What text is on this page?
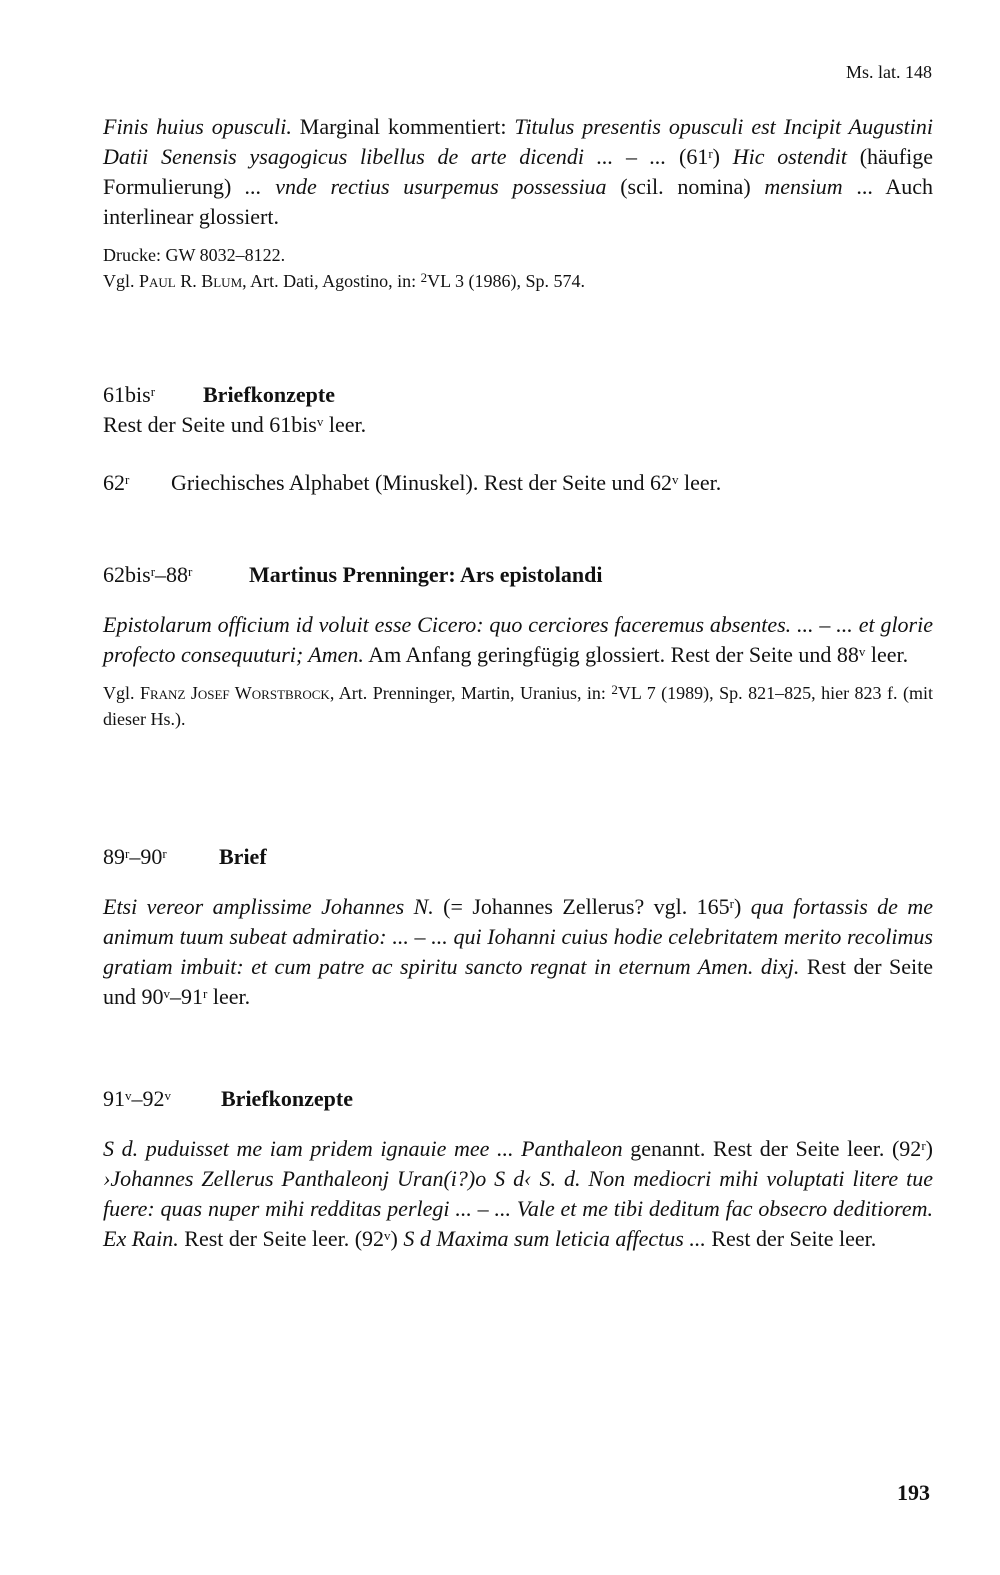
Ms. lat. 148

Finis huius opusculi. Marginal kommentiert: Titulus presentis opusculi est Incipit Augustini Datii Senensis ysagogicus libellus de arte dicendi ... – ... (61$^r$) Hic ostendit (häufige Formulierung) ... vnde rectius usurpemus possessiua (scil. nomina) mensium ... Auch interlinear glossiert.

Drucke: GW 8032–8122.

Vgl. Paul R. Blum, Art. Dati, Agostino, in: $^2$VL 3 (1986), Sp. 574.

61bis$^r$ Briefkonzepte

Rest der Seite und 61bis$^v$ leer.

62$^r$ Griechisches Alphabet (Minuskel). Rest der Seite und 62$^v$ leer.
62bis$^r$–88$^r$	Martinus Prenninger: Ars epistolandi

Epistolarum officium id voluit esse Cicero: quo cerciores faceremus absentes. ... – ... et glorie profecto consequuturi; Amen. Am Anfang geringfügig glossiert. Rest der Seite und 88$^v$ leer.

Vgl. Franz Josef Worstbrock, Art. Prenninger, Martin, Uranius, in: $^2$VL 7 (1989), Sp. 821–825, hier 823 f. (mit dieser Hs.).

89$^r$–90$^r$ Brief

Etsi vereor amplissime Johannes N. (= Johannes Zellerus? vgl. 165$^r$) qua fortassis de me animum tuum subeat admiratio: ... – ... qui Iohanni cuius hodie celebritatem merito recolimus gratiam imbuit: et cum patre ac spiritu sancto regnat in eternum Amen. dixj. Rest der Seite und 90$^v$–91$^r$ leer.

91$^v$–92$^v$ Briefkonzepte

S d. puduisset me iam pridem ignauie mee ... Panthaleon genannt. Rest der Seite leer. (92$^r$) ›Johannes Zellerus Panthaleonj Uran(i?)o S d‹ S. d. Non mediocri mihi voluptati litere tue fuere: quas nuper mihi redditas perlegi ... – ... Vale et me tibi deditum fac obsecro deditiorem. Ex Rain. Rest der Seite leer. (92$^v$) S d Maxima sum leticia affectus ... Rest der Seite leer.

193
